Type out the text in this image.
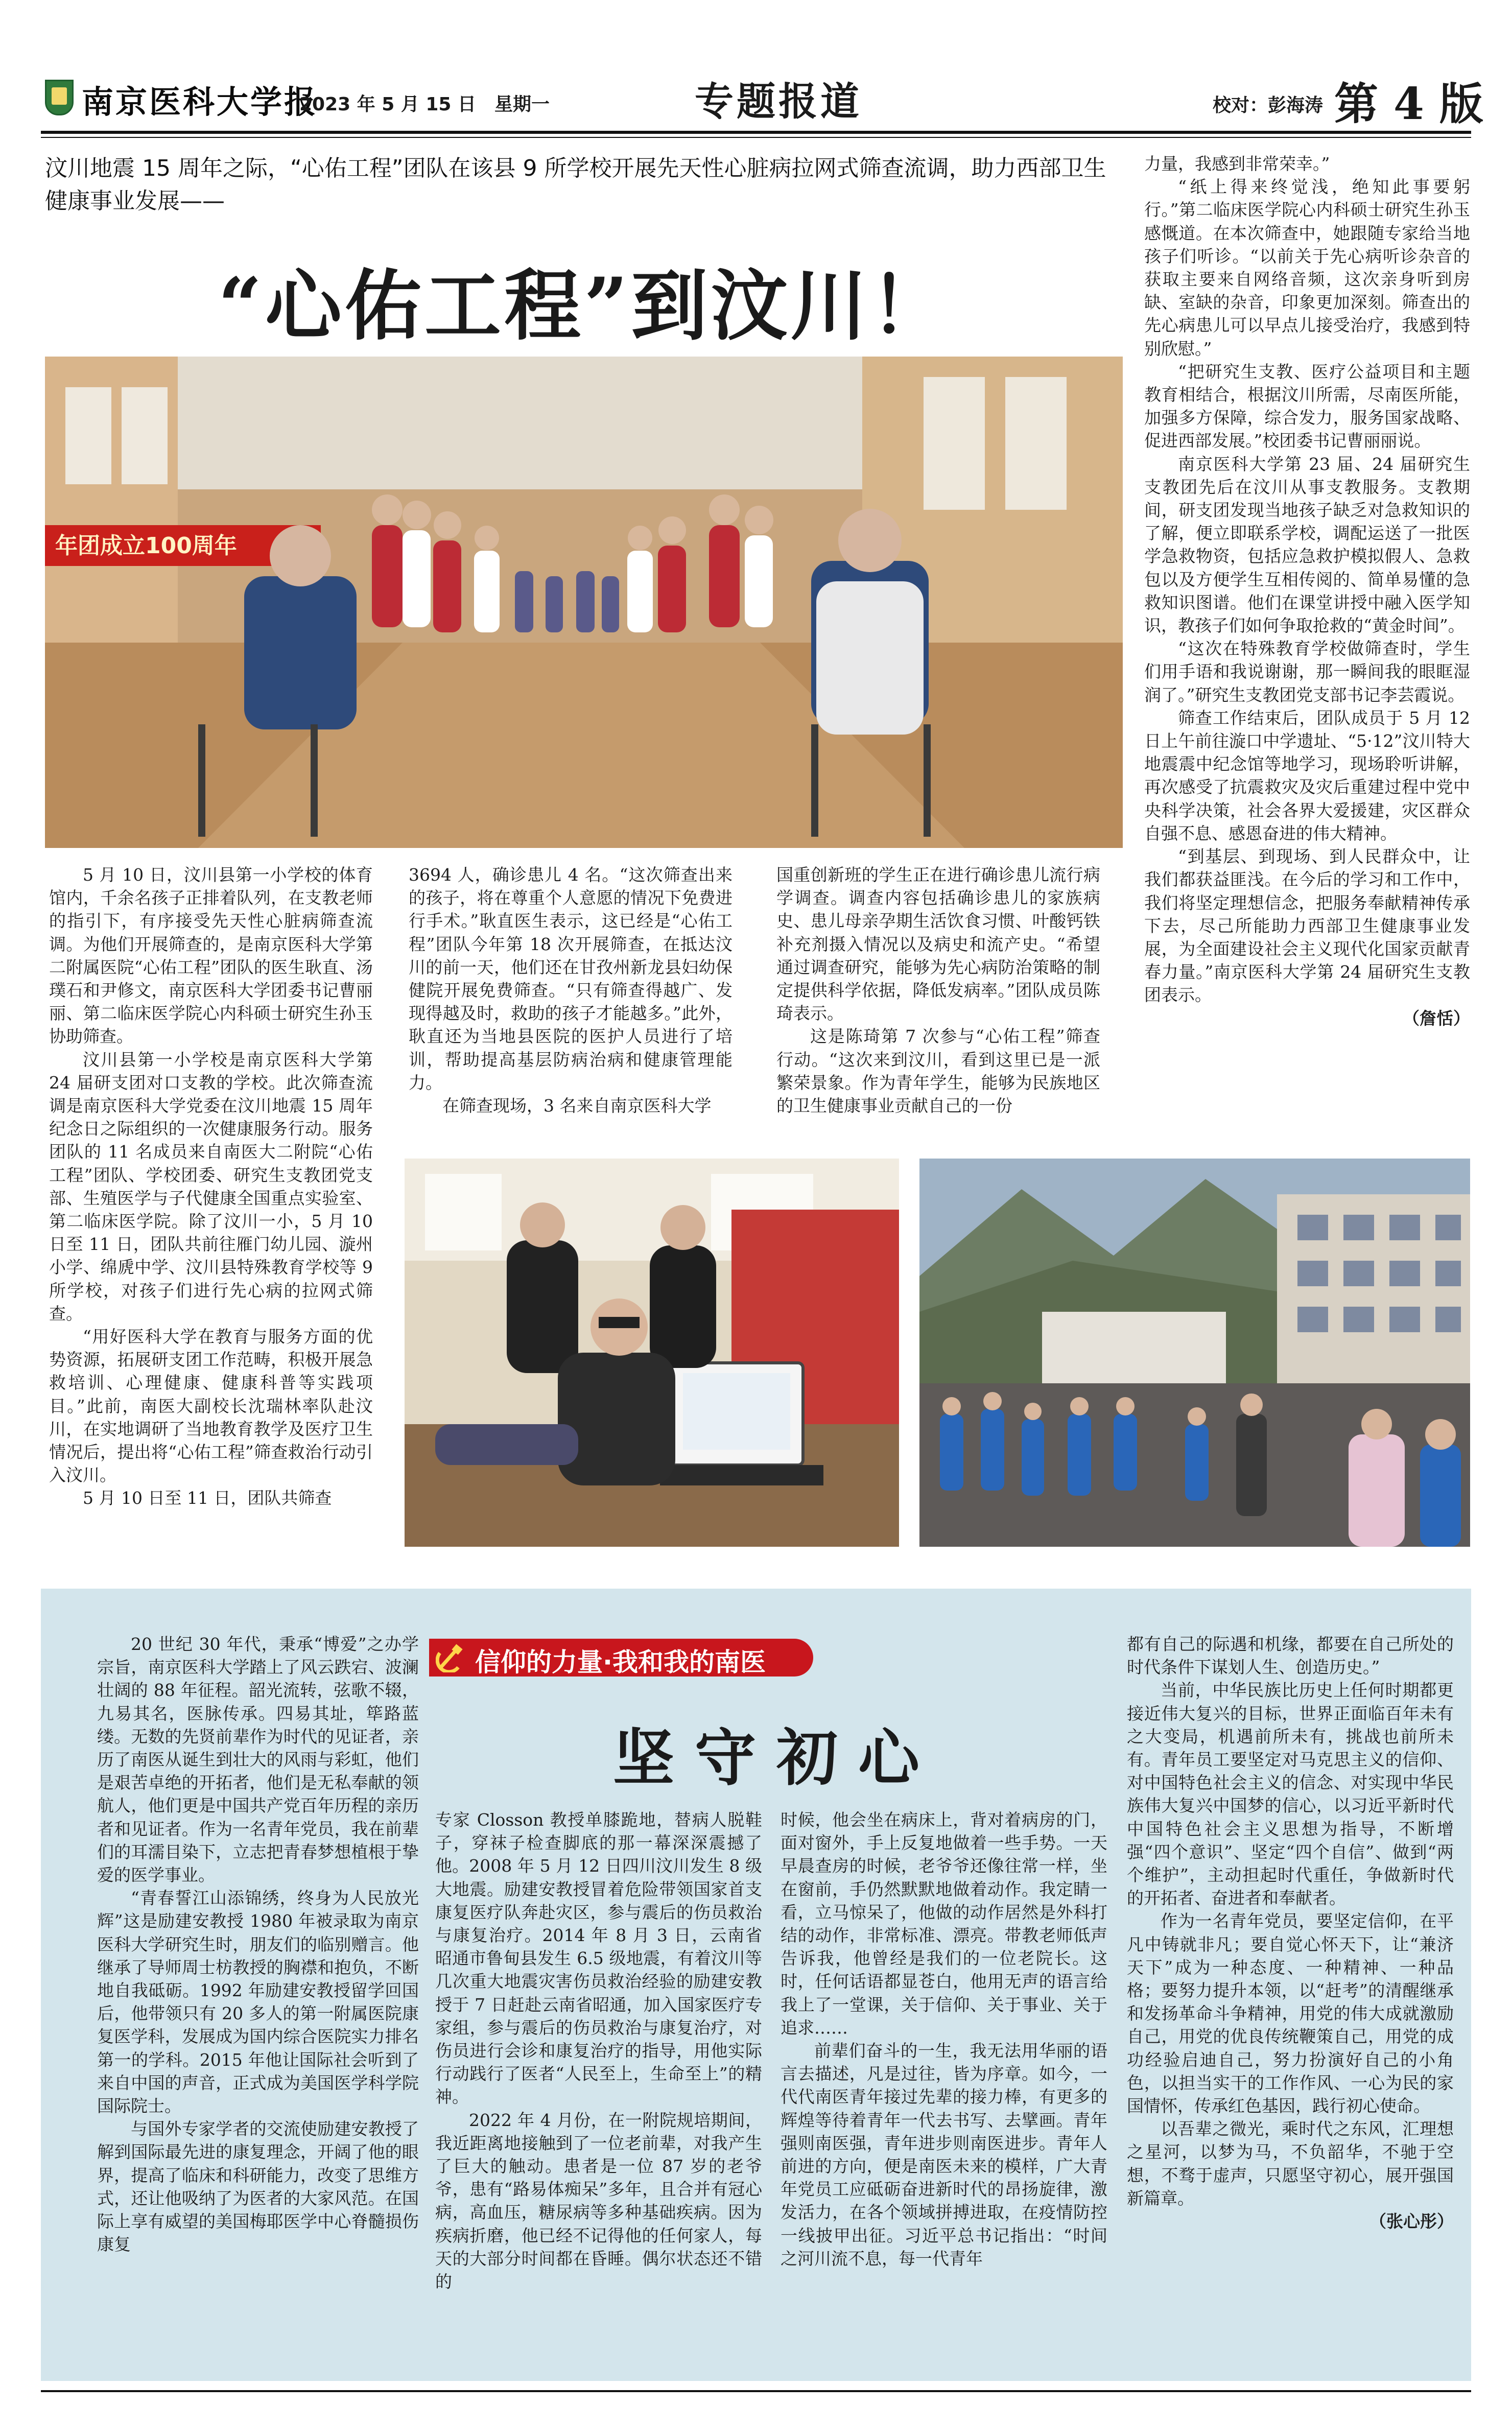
南京医科大学报
2023 年 5 月 15 日　星期一	专题报道	校对：彭海涛 第 4 版
汶川地震 15 周年之际，“心佑工程”团队在该县 9 所学校开展先天性心脏病拉网式筛查流调，助力西部卫生健康事业发展——
“心佑工程”到汶川！
年团成立100周年

5 月 10 日，汶川县第一小学校的体育馆内，千余名孩子正排着队列，在支教老师的指引下，有序接受先天性心脏病筛查流调。为他们开展筛查的，是南京医科大学第二附属医院“心佑工程”团队的医生耿直、汤璞石和尹修文，南京医科大学团委书记曹丽丽、第二临床医学院心内科硕士研究生孙玉协助筛查。

汶川县第一小学校是南京医科大学第 24 届研支团对口支教的学校。此次筛查流调是南京医科大学党委在汶川地震 15 周年纪念日之际组织的一次健康服务行动。服务团队的 11 名成员来自南医大二附院“心佑工程”团队、学校团委、研究生支教团党支部、生殖医学与子代健康全国重点实验室、第二临床医学院。除了汶川一小，5 月 10 日至 11 日，团队共前往雁门幼儿园、漩州小学、绵虒中学、汶川县特殊教育学校等 9 所学校，对孩子们进行先心病的拉网式筛查。

“用好医科大学在教育与服务方面的优势资源，拓展研支团工作范畴，积极开展急救培训、心理健康、健康科普等实践项目。”此前，南医大副校长沈瑞林率队赴汶川，在实地调研了当地教育教学及医疗卫生情况后，提出将“心佑工程”筛查救治行动引入汶川。

5 月 10 日至 11 日，团队共筛查

3694 人，确诊患儿 4 名。“这次筛查出来的孩子，将在尊重个人意愿的情况下免费进行手术。”耿直医生表示，这已经是“心佑工程”团队今年第 18 次开展筛查，在抵达汶川的前一天，他们还在甘孜州新龙县妇幼保健院开展免费筛查。“只有筛查得越广、发现得越及时，救助的孩子才能越多。”此外，耿直还为当地县医院的医护人员进行了培训，帮助提高基层防病治病和健康管理能力。

在筛查现场，3 名来自南京医科大学

国重创新班的学生正在进行确诊患儿流行病学调查。调查内容包括确诊患儿的家族病史、患儿母亲孕期生活饮食习惯、叶酸钙铁补充剂摄入情况以及病史和流产史。“希望通过调查研究，能够为先心病防治策略的制定提供科学依据，降低发病率。”团队成员陈琦表示。

这是陈琦第 7 次参与“心佑工程”筛查行动。“这次来到汶川，看到这里已是一派繁荣景象。作为青年学生，能够为民族地区的卫生健康事业贡献自己的一份

力量，我感到非常荣幸。”

“纸上得来终觉浅，绝知此事要躬行。”第二临床医学院心内科硕士研究生孙玉感慨道。在本次筛查中，她跟随专家给当地孩子们听诊。“以前关于先心病听诊杂音的获取主要来自网络音频，这次亲身听到房缺、室缺的杂音，印象更加深刻。筛查出的先心病患儿可以早点儿接受治疗，我感到特别欣慰。”

“把研究生支教、医疗公益项目和主题教育相结合，根据汶川所需，尽南医所能，加强多方保障，综合发力，服务国家战略、促进西部发展。”校团委书记曹丽丽说。

南京医科大学第 23 届、24 届研究生支教团先后在汶川从事支教服务。支教期间，研支团发现当地孩子缺乏对急救知识的了解，便立即联系学校，调配运送了一批医学急救物资，包括应急救护模拟假人、急救包以及方便学生互相传阅的、简单易懂的急救知识图谱。他们在课堂讲授中融入医学知识，教孩子们如何争取抢救的“黄金时间”。

“这次在特殊教育学校做筛查时，学生们用手语和我说谢谢，那一瞬间我的眼眶湿润了。”研究生支教团党支部书记李芸霞说。

筛查工作结束后，团队成员于 5 月 12 日上午前往漩口中学遗址、“5·12”汶川特大地震震中纪念馆等地学习，现场聆听讲解，再次感受了抗震救灾及灾后重建过程中党中央科学决策，社会各界大爱援建，灾区群众自强不息、感恩奋进的伟大精神。

“到基层、到现场、到人民群众中，让我们都获益匪浅。在今后的学习和工作中，我们将坚定理想信念，把服务奉献精神传承下去，尽己所能助力西部卫生健康事业发展，为全面建设社会主义现代化国家贡献青春力量。”南京医科大学第 24 届研究生支教团表示。

（詹恬）
信仰的力量·我和我的南医
坚守初心

20 世纪 30 年代，秉承“博爱”之办学宗旨，南京医科大学踏上了风云跌宕、波澜壮阔的 88 年征程。韶光流转，弦歌不辍，九易其名，医脉传承。四易其址，筚路蓝缕。无数的先贤前辈作为时代的见证者，亲历了南医从诞生到壮大的风雨与彩虹，他们是艰苦卓绝的开拓者，他们是无私奉献的领航人，他们更是中国共产党百年历程的亲历者和见证者。作为一名青年党员，我在前辈们的耳濡目染下，立志把青春梦想植根于挚爱的医学事业。

“青春誓江山添锦绣，终身为人民放光辉”这是励建安教授 1980 年被录取为南京医科大学研究生时，朋友们的临别赠言。他继承了导师周士枋教授的胸襟和抱负，不断地自我砥砺。1992 年励建安教授留学回国后，他带领只有 20 多人的第一附属医院康复医学科，发展成为国内综合医院实力排名第一的学科。2015 年他让国际社会听到了来自中国的声音，正式成为美国医学科学院国际院士。

与国外专家学者的交流使励建安教授了解到国际最先进的康复理念，开阔了他的眼界，提高了临床和科研能力，改变了思维方式，还让他吸纳了为医者的大家风范。在国际上享有威望的美国梅耶医学中心脊髓损伤康复

专家 Closson 教授单膝跪地，替病人脱鞋子，穿袜子检查脚底的那一幕深深震撼了他。2008 年 5 月 12 日四川汶川发生 8 级大地震。励建安教授冒着危险带领国家首支康复医疗队奔赴灾区，参与震后的伤员救治与康复治疗。2014 年 8 月 3 日，云南省昭通市鲁甸县发生 6.5 级地震，有着汶川等几次重大地震灾害伤员救治经验的励建安教授于 7 日赶赴云南省昭通，加入国家医疗专家组，参与震后的伤员救治与康复治疗，对伤员进行会诊和康复治疗的指导，用他实际行动践行了医者“人民至上，生命至上”的精神。

2022 年 4 月份，在一附院规培期间，我近距离地接触到了一位老前辈，对我产生了巨大的触动。患者是一位 87 岁的老爷爷，患有“路易体痴呆”多年，且合并有冠心病，高血压，糖尿病等多种基础疾病。因为疾病折磨，他已经不记得他的任何家人，每天的大部分时间都在昏睡。偶尔状态还不错的

时候，他会坐在病床上，背对着病房的门，面对窗外，手上反复地做着一些手势。一天早晨查房的时候，老爷爷还像往常一样，坐在窗前，手仍然默默地做着动作。我定睛一看，立马惊呆了，他做的动作居然是外科打结的动作，非常标准、漂亮。带教老师低声告诉我，他曾经是我们的一位老院长。这时，任何话语都显苍白，他用无声的语言给我上了一堂课，关于信仰、关于事业、关于追求……

前辈们奋斗的一生，我无法用华丽的语言去描述，凡是过往，皆为序章。如今，一代代南医青年接过先辈的接力棒，有更多的辉煌等待着青年一代去书写、去擘画。青年强则南医强，青年进步则南医进步。青年人前进的方向，便是南医未来的模样，广大青年党员工应砥砺奋进新时代的昂扬旋律，激发活力，在各个领域拼搏进取，在疫情防控一线披甲出征。习近平总书记指出：“时间之河川流不息，每一代青年

都有自己的际遇和机缘，都要在自己所处的时代条件下谋划人生、创造历史。”

当前，中华民族比历史上任何时期都更接近伟大复兴的目标，世界正面临百年未有之大变局，机遇前所未有，挑战也前所未有。青年员工要坚定对马克思主义的信仰、对中国特色社会主义的信念、对实现中华民族伟大复兴中国梦的信心，以习近平新时代中国特色社会主义思想为指导，不断增强“四个意识”、坚定“四个自信”、做到“两个维护”，主动担起时代重任，争做新时代的开拓者、奋进者和奉献者。

作为一名青年党员，要坚定信仰，在平凡中铸就非凡；要自觉心怀天下，让“兼济天下”成为一种态度、一种精神、一种品格；要努力提升本领，以“赶考”的清醒继承和发扬革命斗争精神，用党的伟大成就激励自己，用党的优良传统鞭策自己，用党的成功经验启迪自己，努力扮演好自己的小角色，以担当实干的工作作风、一心为民的家国情怀，传承红色基因，践行初心使命。

以吾辈之微光，乘时代之东风，汇理想之星河，以梦为马，不负韶华，不驰于空想，不骛于虚声，只愿坚守初心，展开强国新篇章。

（张心彤）
